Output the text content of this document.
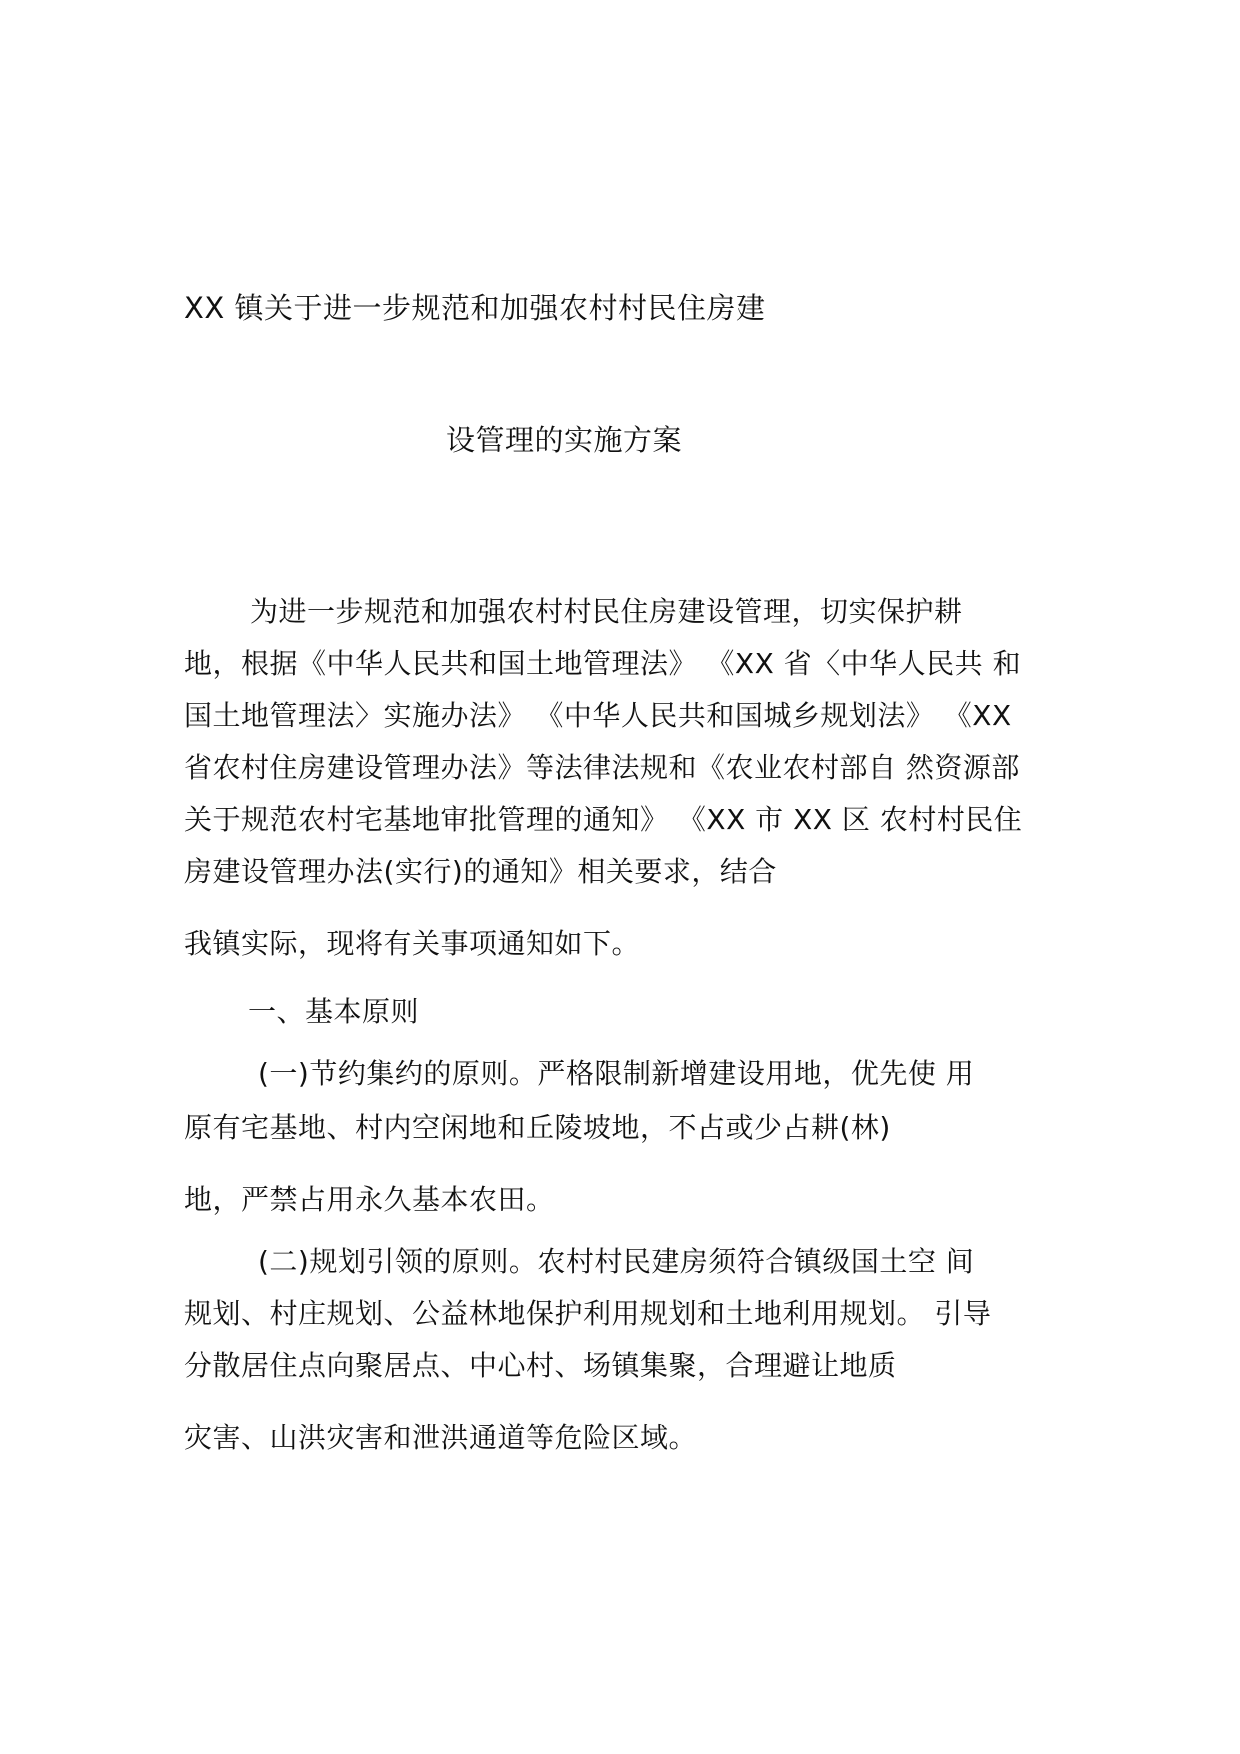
XX 镇关于进一步规范和加强农村村民住房建
设管理的实施方案
为进一步规范和加强农村村民住房建设管理，切实保护耕
地，根据《中华人民共和国土地管理法》 《XX 省〈中华人民共 和
国土地管理法〉实施办法》 《中华人民共和国城乡规划法》 《XX
省农村住房建设管理办法》等法律法规和《农业农村部自 然资源部
关于规范农村宅基地审批管理的通知》 《XX 市 XX 区 农村村民住
房建设管理办法(实行)的通知》相关要求，结合
我镇实际，现将有关事项通知如下。
一、基本原则
(一)节约集约的原则。严格限制新增建设用地，优先使 用
原有宅基地、村内空闲地和丘陵坡地，不占或少占耕(林)
地，严禁占用永久基本农田。
(二)规划引领的原则。农村村民建房须符合镇级国土空 间
规划、村庄规划、公益林地保护利用规划和土地利用规划。 引导
分散居住点向聚居点、中心村、场镇集聚，合理避让地质
灾害、山洪灾害和泄洪通道等危险区域。
